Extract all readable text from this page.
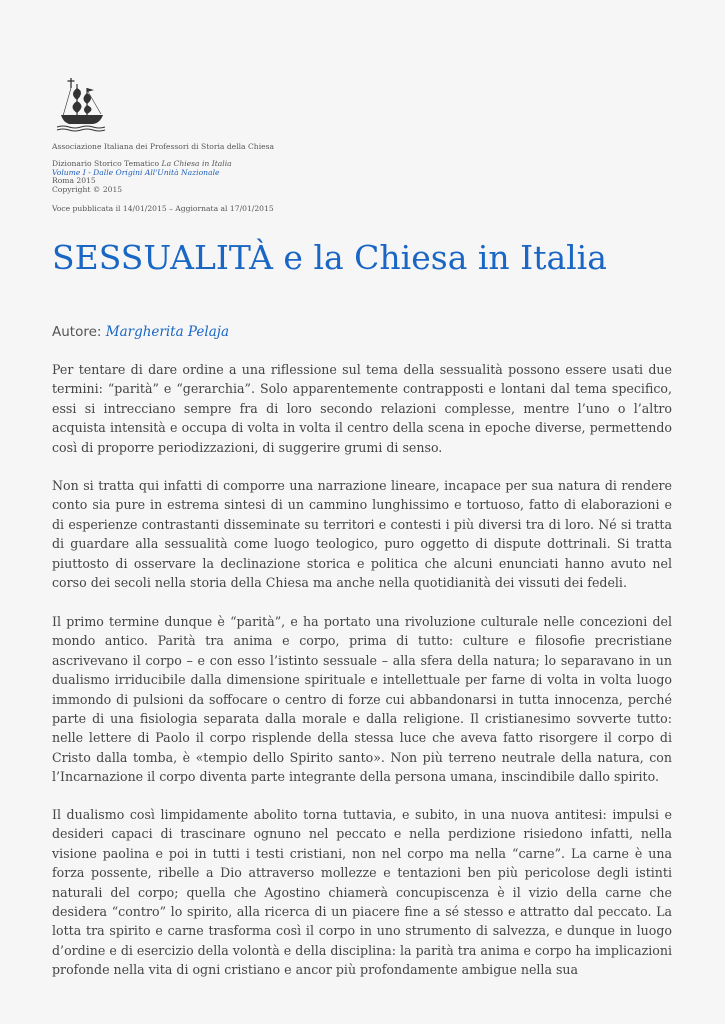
Associazione Italiana dei Professori di Storia della Chiesa
Dizionario Storico Tematico La Chiesa in Italia
Volume I - Dalle Origini All'Unità Nazionale
Roma 2015
Copyright © 2015
Voce pubblicata il 14/01/2015 – Aggiornata al 17/01/2015
SESSUALITÀ e la Chiesa in Italia
Autore: Margherita Pelaja

Per tentare di dare ordine a una riflessione sul tema della sessualità possono essere usati due termini: “parità” e “gerarchia”. Solo apparentemente contrapposti e lontani dal tema specifico, essi si intrecciano sempre fra di loro secondo relazioni complesse, mentre l’uno o l’altro acquista intensità e occupa di volta in volta il centro della scena in epoche diverse, permettendo così di proporre periodizzazioni, di suggerire grumi di senso.

Non si tratta qui infatti di comporre una narrazione lineare, incapace per sua natura di rendere conto sia pure in estrema sintesi di un cammino lunghissimo e tortuoso, fatto di elaborazioni e di esperienze contrastanti disseminate su territori e contesti i più diversi tra di loro. Né si tratta di guardare alla sessualità come luogo teologico, puro oggetto di dispute dottrinali. Si tratta piuttosto di osservare la declinazione storica e politica che alcuni enunciati hanno avuto nel corso dei secoli nella storia della Chiesa ma anche nella quotidianità dei vissuti dei fedeli.

Il primo termine dunque è “parità”, e ha portato una rivoluzione culturale nelle concezioni del mondo antico. Parità tra anima e corpo, prima di tutto: culture e filosofie precristiane ascrivevano il corpo – e con esso l’istinto sessuale – alla sfera della natura; lo separavano in un dualismo irriducibile dalla dimensione spirituale e intellettuale per farne di volta in volta luogo immondo di pulsioni da soffocare o centro di forze cui abbandonarsi in tutta innocenza, perché parte di una fisiologia separata dalla morale e dalla religione. Il cristianesimo sovverte tutto: nelle lettere di Paolo il corpo risplende della stessa luce che aveva fatto risorgere il corpo di Cristo dalla tomba, è «tempio dello Spirito santo». Non più terreno neutrale della natura, con l’Incarnazione il corpo diventa parte integrante della persona umana, inscindibile dallo spirito.

Il dualismo così limpidamente abolito torna tuttavia, e subito, in una nuova antitesi: impulsi e desideri capaci di trascinare ognuno nel peccato e nella perdizione risiedono infatti, nella visione paolina e poi in tutti i testi cristiani, non nel corpo ma nella “carne”. La carne è una forza possente, ribelle a Dio attraverso mollezze e tentazioni ben più pericolose degli istinti naturali del corpo; quella che Agostino chiamerà concupiscenza è il vizio della carne che desidera “contro” lo spirito, alla ricerca di un piacere fine a sé stesso e attratto dal peccato. La lotta tra spirito e carne trasforma così il corpo in uno strumento di salvezza, e dunque in luogo d’ordine e di esercizio della volontà e della disciplina: la parità tra anima e corpo ha implicazioni profonde nella vita di ogni cristiano e ancor più profondamente ambigue nella sua
